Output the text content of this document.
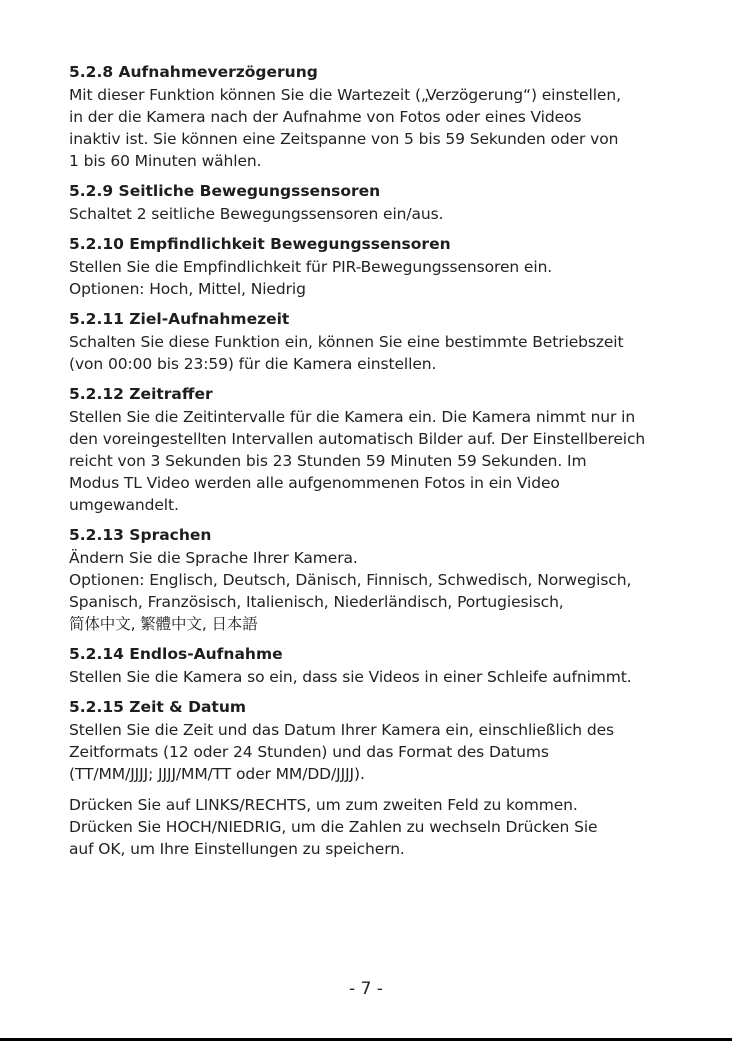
5.2.8 Aufnahmeverzögerung

Mit dieser Funktion können Sie die Wartezeit („Verzögerung“) einstellen,
in der die Kamera nach der Aufnahme von Fotos oder eines Videos
inaktiv ist. Sie können eine Zeitspanne von 5 bis 59 Sekunden oder von
1 bis 60 Minuten wählen.

5.2.9 Seitliche Bewegungssensoren

Schaltet 2 seitliche Bewegungssensoren ein/aus.

5.2.10 Empfindlichkeit Bewegungssensoren

Stellen Sie die Empfindlichkeit für PIR-Bewegungssensoren ein.
Optionen: Hoch, Mittel, Niedrig

5.2.11 Ziel-Aufnahmezeit

Schalten Sie diese Funktion ein, können Sie eine bestimmte Betriebszeit
(von 00:00 bis 23:59) für die Kamera einstellen.

5.2.12 Zeitraffer

Stellen Sie die Zeitintervalle für die Kamera ein. Die Kamera nimmt nur in
den voreingestellten Intervallen automatisch Bilder auf. Der Einstellbereich
reicht von 3 Sekunden bis 23 Stunden 59 Minuten 59 Sekunden. Im
Modus TL Video werden alle aufgenommenen Fotos in ein Video
umgewandelt.

5.2.13 Sprachen

Ändern Sie die Sprache Ihrer Kamera.
Optionen: Englisch, Deutsch, Dänisch, Finnisch, Schwedisch, Norwegisch,
Spanisch, Französisch, Italienisch, Niederländisch, Portugiesisch,
简体中文, 繁體中文, 日本語

5.2.14 Endlos-Aufnahme

Stellen Sie die Kamera so ein, dass sie Videos in einer Schleife aufnimmt.

5.2.15 Zeit & Datum

Stellen Sie die Zeit und das Datum Ihrer Kamera ein, einschließlich des
Zeitformats (12 oder 24 Stunden) und das Format des Datums
(TT/MM/JJJJ; JJJJ/MM/TT oder MM/DD/JJJJ).

Drücken Sie auf LINKS/RECHTS, um zum zweiten Feld zu kommen.
Drücken Sie HOCH/NIEDRIG, um die Zahlen zu wechseln Drücken Sie
auf OK, um Ihre Einstellungen zu speichern.

- 7 -
